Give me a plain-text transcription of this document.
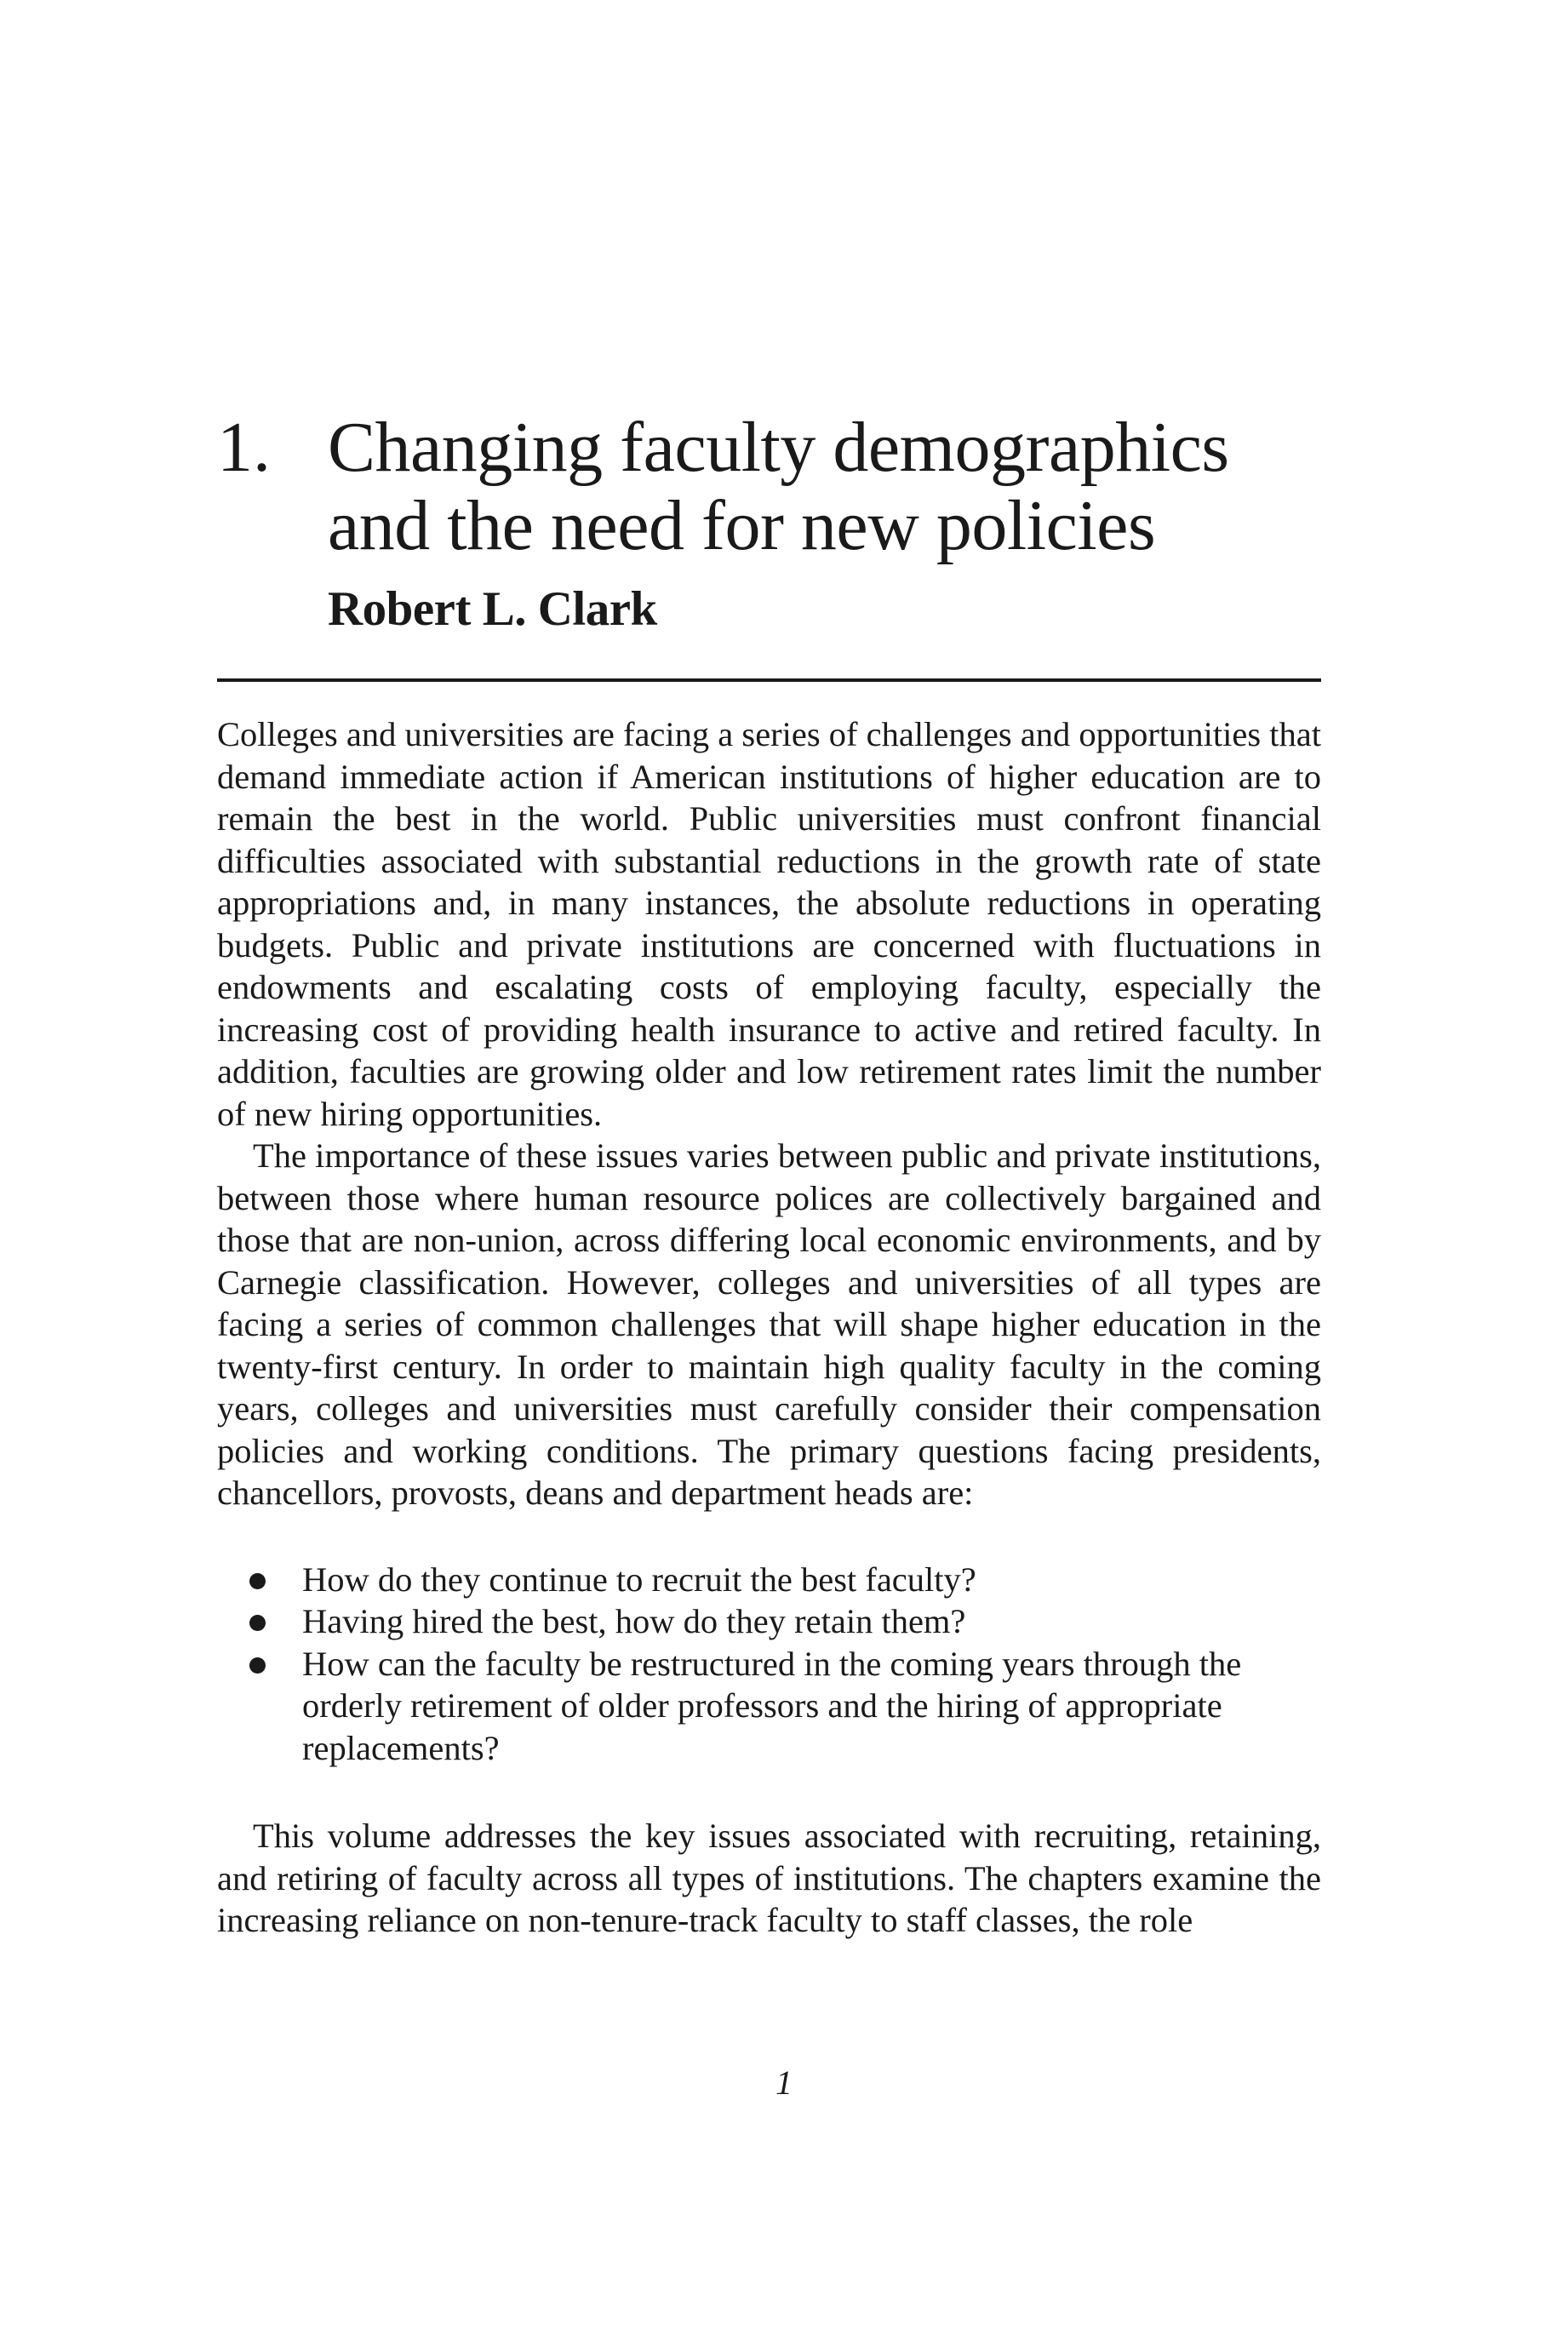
1. Changing faculty demographics and the need for new policies
Robert L. Clark

Colleges and universities are facing a series of challenges and opportunities that demand immediate action if American institutions of higher education are to remain the best in the world. Public universities must confront financial difficulties associated with substantial reductions in the growth rate of state appropriations and, in many instances, the absolute reductions in operating budgets. Public and private institutions are concerned with fluctuations in endowments and escalating costs of employing faculty, especially the increasing cost of providing health insurance to active and retired faculty. In addition, faculties are growing older and low retirement rates limit the number of new hiring opportunities.

The importance of these issues varies between public and private institutions, between those where human resource polices are collectively bargained and those that are non-union, across differing local economic environments, and by Carnegie classification. However, colleges and universities of all types are facing a series of common challenges that will shape higher education in the twenty-first century. In order to maintain high quality faculty in the coming years, colleges and universities must carefully consider their compensation policies and working conditions. The primary questions facing presidents, chancellors, provosts, deans and department heads are:

How do they continue to recruit the best faculty?
Having hired the best, how do they retain them?
How can the faculty be restructured in the coming years through the orderly retirement of older professors and the hiring of appropriate replacements?

This volume addresses the key issues associated with recruiting, retaining, and retiring of faculty across all types of institutions. The chapters examine the increasing reliance on non-tenure-track faculty to staff classes, the role

1
